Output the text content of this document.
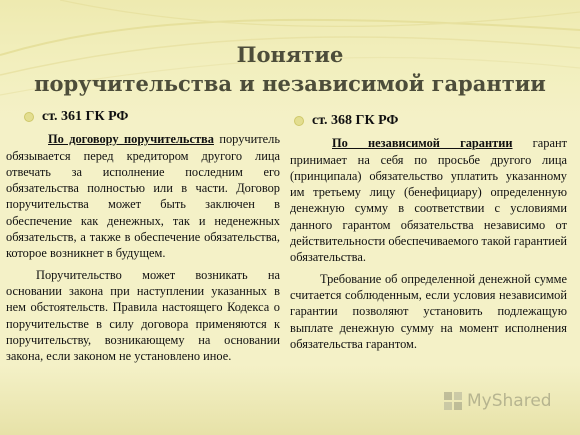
Понятие
поручительства и независимой гарантии
ст. 361 ГК РФ

По договору поручительства поручитель обязывается перед кредитором другого лица отвечать за исполнение последним его обязательства полностью или в части. Договор поручительства может быть заключен в обеспечение как денежных, так и неденежных обязательств, а также в обеспечение обязательства, которое возникнет в будущем.

Поручительство может возникать на основании закона при наступлении указанных в нем обстоятельств. Правила настоящего Кодекса о поручительстве в силу договора применяются к поручительству, возникающему на основании закона, если законом не установлено иное.

ст. 368 ГК РФ

По независимой гарантии гарант принимает на себя по просьбе другого лица (принципала) обязательство уплатить указанному им третьему лицу (бенефициару) определенную денежную сумму в соответствии с условиями данного гарантом обязательства независимо от действительности обеспечиваемого такой гарантией обязательства.

Требование об определенной денежной сумме считается соблюденным, если условия независимой гарантии позволяют установить подлежащую выплате денежную сумму на момент исполнения обязательства гарантом.

MyShared
